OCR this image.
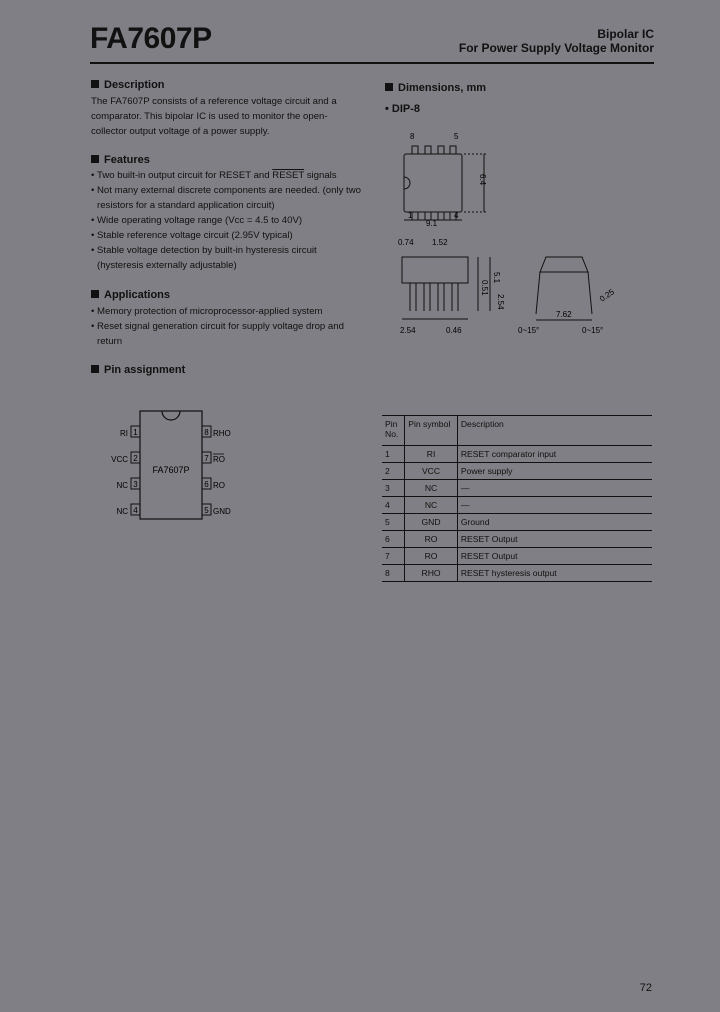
FA7607P	Bipolar IC
For Power Supply Voltage Monitor
Description
The FA7607P consists of a reference voltage circuit and a
comparator. This bipolar IC is used to monitor the open-
collector output voltage of a power supply.
Features
• Two built-in output circuit for RESET and RESET signals
• Not many external discrete components are needed. (only two resistors for a standard application circuit)
• Wide operating voltage range (Vcc = 4.5 to 40V)
• Stable reference voltage circuit (2.95V typical)
• Stable voltage detection by built-in hysteresis circuit (hysteresis externally adjustable)
Applications
• Memory protection of microprocessor-applied system
• Reset signal generation circuit for supply voltage drop and return
Pin assignment
FA7607P
1
RI
2
VCC
3
NC
4
NC
8 RHO
7 RO
6 RO
5 GND
Dimensions, mm
• DIP-8
8	5
1	4
9.1
6.4
0.74 1.52
5.1
0.51
2.54
2.54	0.46
7.62
0.25
0~15°	0~15°
Pin No.	Pin symbol	Description
1	RI	RESET comparator input
2	VCC	Power supply
3	NC	—
4	NC	—
5	GND	Ground
6	RO	RESET Output
7	RO	RESET Output
8	RHO	RESET hysteresis output
72
